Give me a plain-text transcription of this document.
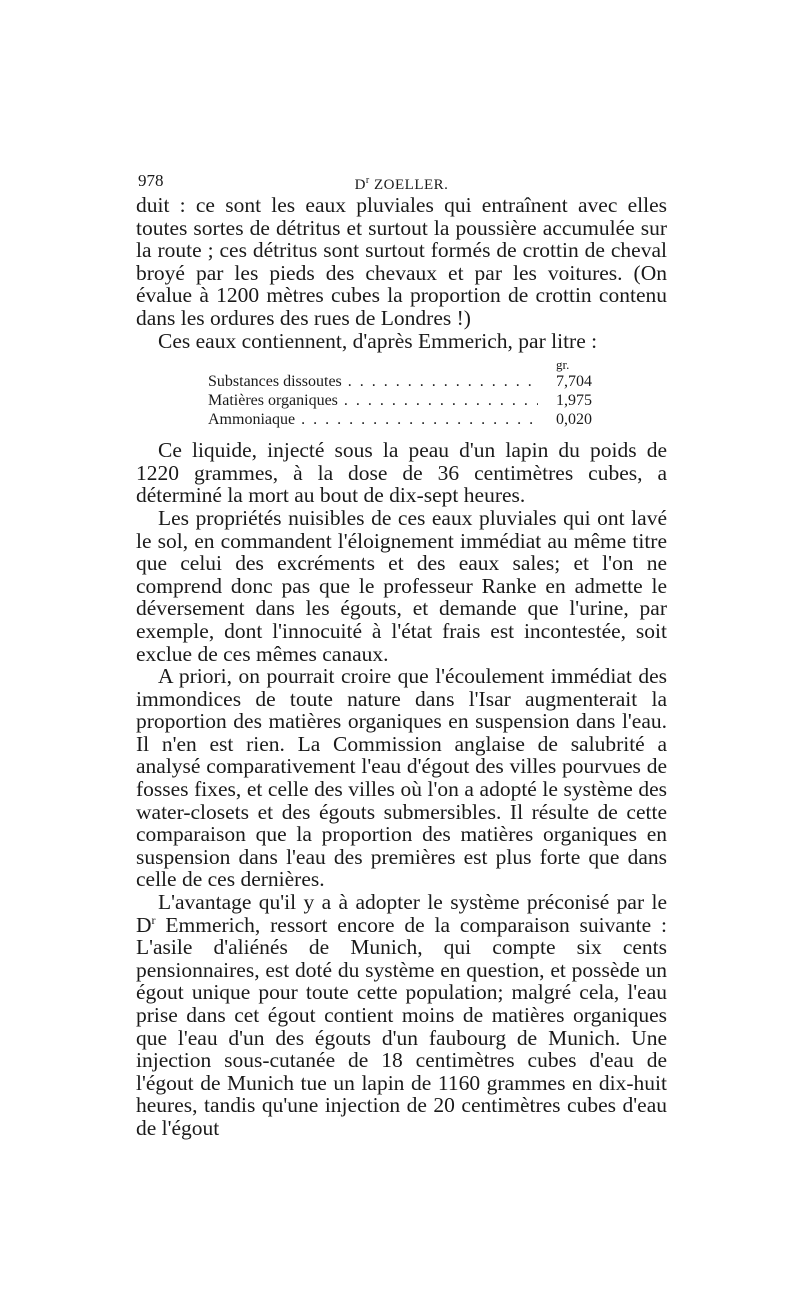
978	$D^r$ ZOELLER.

duit : ce sont les eaux pluviales qui entraînent avec elles toutes sortes de détritus et surtout la poussière accumulée sur la route ; ces détritus sont surtout formés de crottin de cheval broyé par les pieds des chevaux et par les voitures. (On évalue à 1200 mètres cubes la proportion de crottin contenu dans les ordures des rues de Londres !)

Ces eaux contiennent, d'après Emmerich, par litre :

gr.
Substances dissoutes . . .	7,704
Matières organiques . . .	1,975
Ammoniaque . . .	0,020

Ce liquide, injecté sous la peau d'un lapin du poids de 1220 grammes, à la dose de 36 centimètres cubes, a déterminé la mort au bout de dix-sept heures.

Les propriétés nuisibles de ces eaux pluviales qui ont lavé le sol, en commandent l'éloignement immédiat au même titre que celui des excréments et des eaux sales; et l'on ne comprend donc pas que le professeur Ranke en admette le déversement dans les égouts, et demande que l'urine, par exemple, dont l'innocuité à l'état frais est incontestée, soit exclue de ces mêmes canaux.

A priori, on pourrait croire que l'écoulement immédiat des immondices de toute nature dans l'Isar augmenterait la proportion des matières organiques en suspension dans l'eau. Il n'en est rien. La Commission anglaise de salubrité a analysé comparativement l'eau d'égout des villes pourvues de fosses fixes, et celle des villes où l'on a adopté le système des water-closets et des égouts submersibles. Il résulte de cette comparaison que la proportion des matières organiques en suspension dans l'eau des premières est plus forte que dans celle de ces dernières.

L'avantage qu'il y a à adopter le système préconisé par le $D^r$ Emmerich, ressort encore de la comparaison suivante : L'asile d'aliénés de Munich, qui compte six cents pensionnaires, est doté du système en question, et possède un égout unique pour toute cette population; malgré cela, l'eau prise dans cet égout contient moins de matières organiques que l'eau d'un des égouts d'un faubourg de Munich. Une injection sous-cutanée de 18 centimètres cubes d'eau de l'égout de Munich tue un lapin de 1160 grammes en dix-huit heures, tandis qu'une injection de 20 centimètres cubes d'eau de l'égout
